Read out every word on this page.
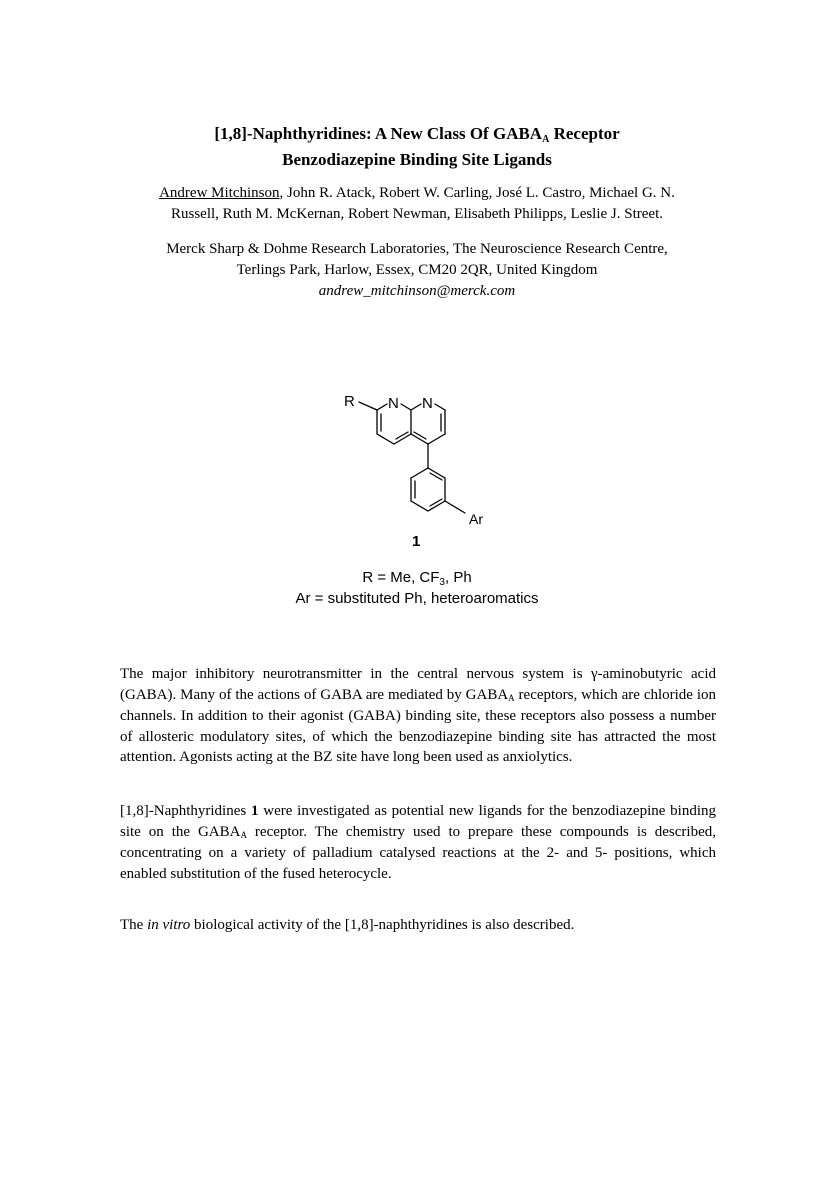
[1,8]-Naphthyridines: A New Class Of $GABA_A$ Receptor
Benzodiazepine Binding Site Ligands
Andrew Mitchinson, John R. Atack, Robert W. Carling, José L. Castro, Michael G. N.
Russell, Ruth M. McKernan, Robert Newman, Elisabeth Philipps, Leslie J. Street.
Merck Sharp & Dohme Research Laboratories, The Neuroscience Research Centre,
Terlings Park, Harlow, Essex, CM20 2QR, United Kingdom
andrew_mitchinson@merck.com
R N N
Ar
1
R = Me, $CF_3$, Ph
Ar = substituted Ph, heteroaromatics

The major inhibitory neurotransmitter in the central nervous system is γ-aminobutyric acid (GABA). Many of the actions of GABA are mediated by $GABA_A$ receptors, which are chloride ion channels. In addition to their agonist (GABA) binding site, these receptors also possess a number of allosteric modulatory sites, of which the benzodiazepine binding site has attracted the most attention. Agonists acting at the BZ site have long been used as anxiolytics.

[1,8]-Naphthyridines 1 were investigated as potential new ligands for the benzodiazepine binding site on the $GABA_A$ receptor. The chemistry used to prepare these compounds is described, concentrating on a variety of palladium catalysed reactions at the 2- and 5- positions, which enabled substitution of the fused heterocycle.

The in vitro biological activity of the [1,8]-naphthyridines is also described.
